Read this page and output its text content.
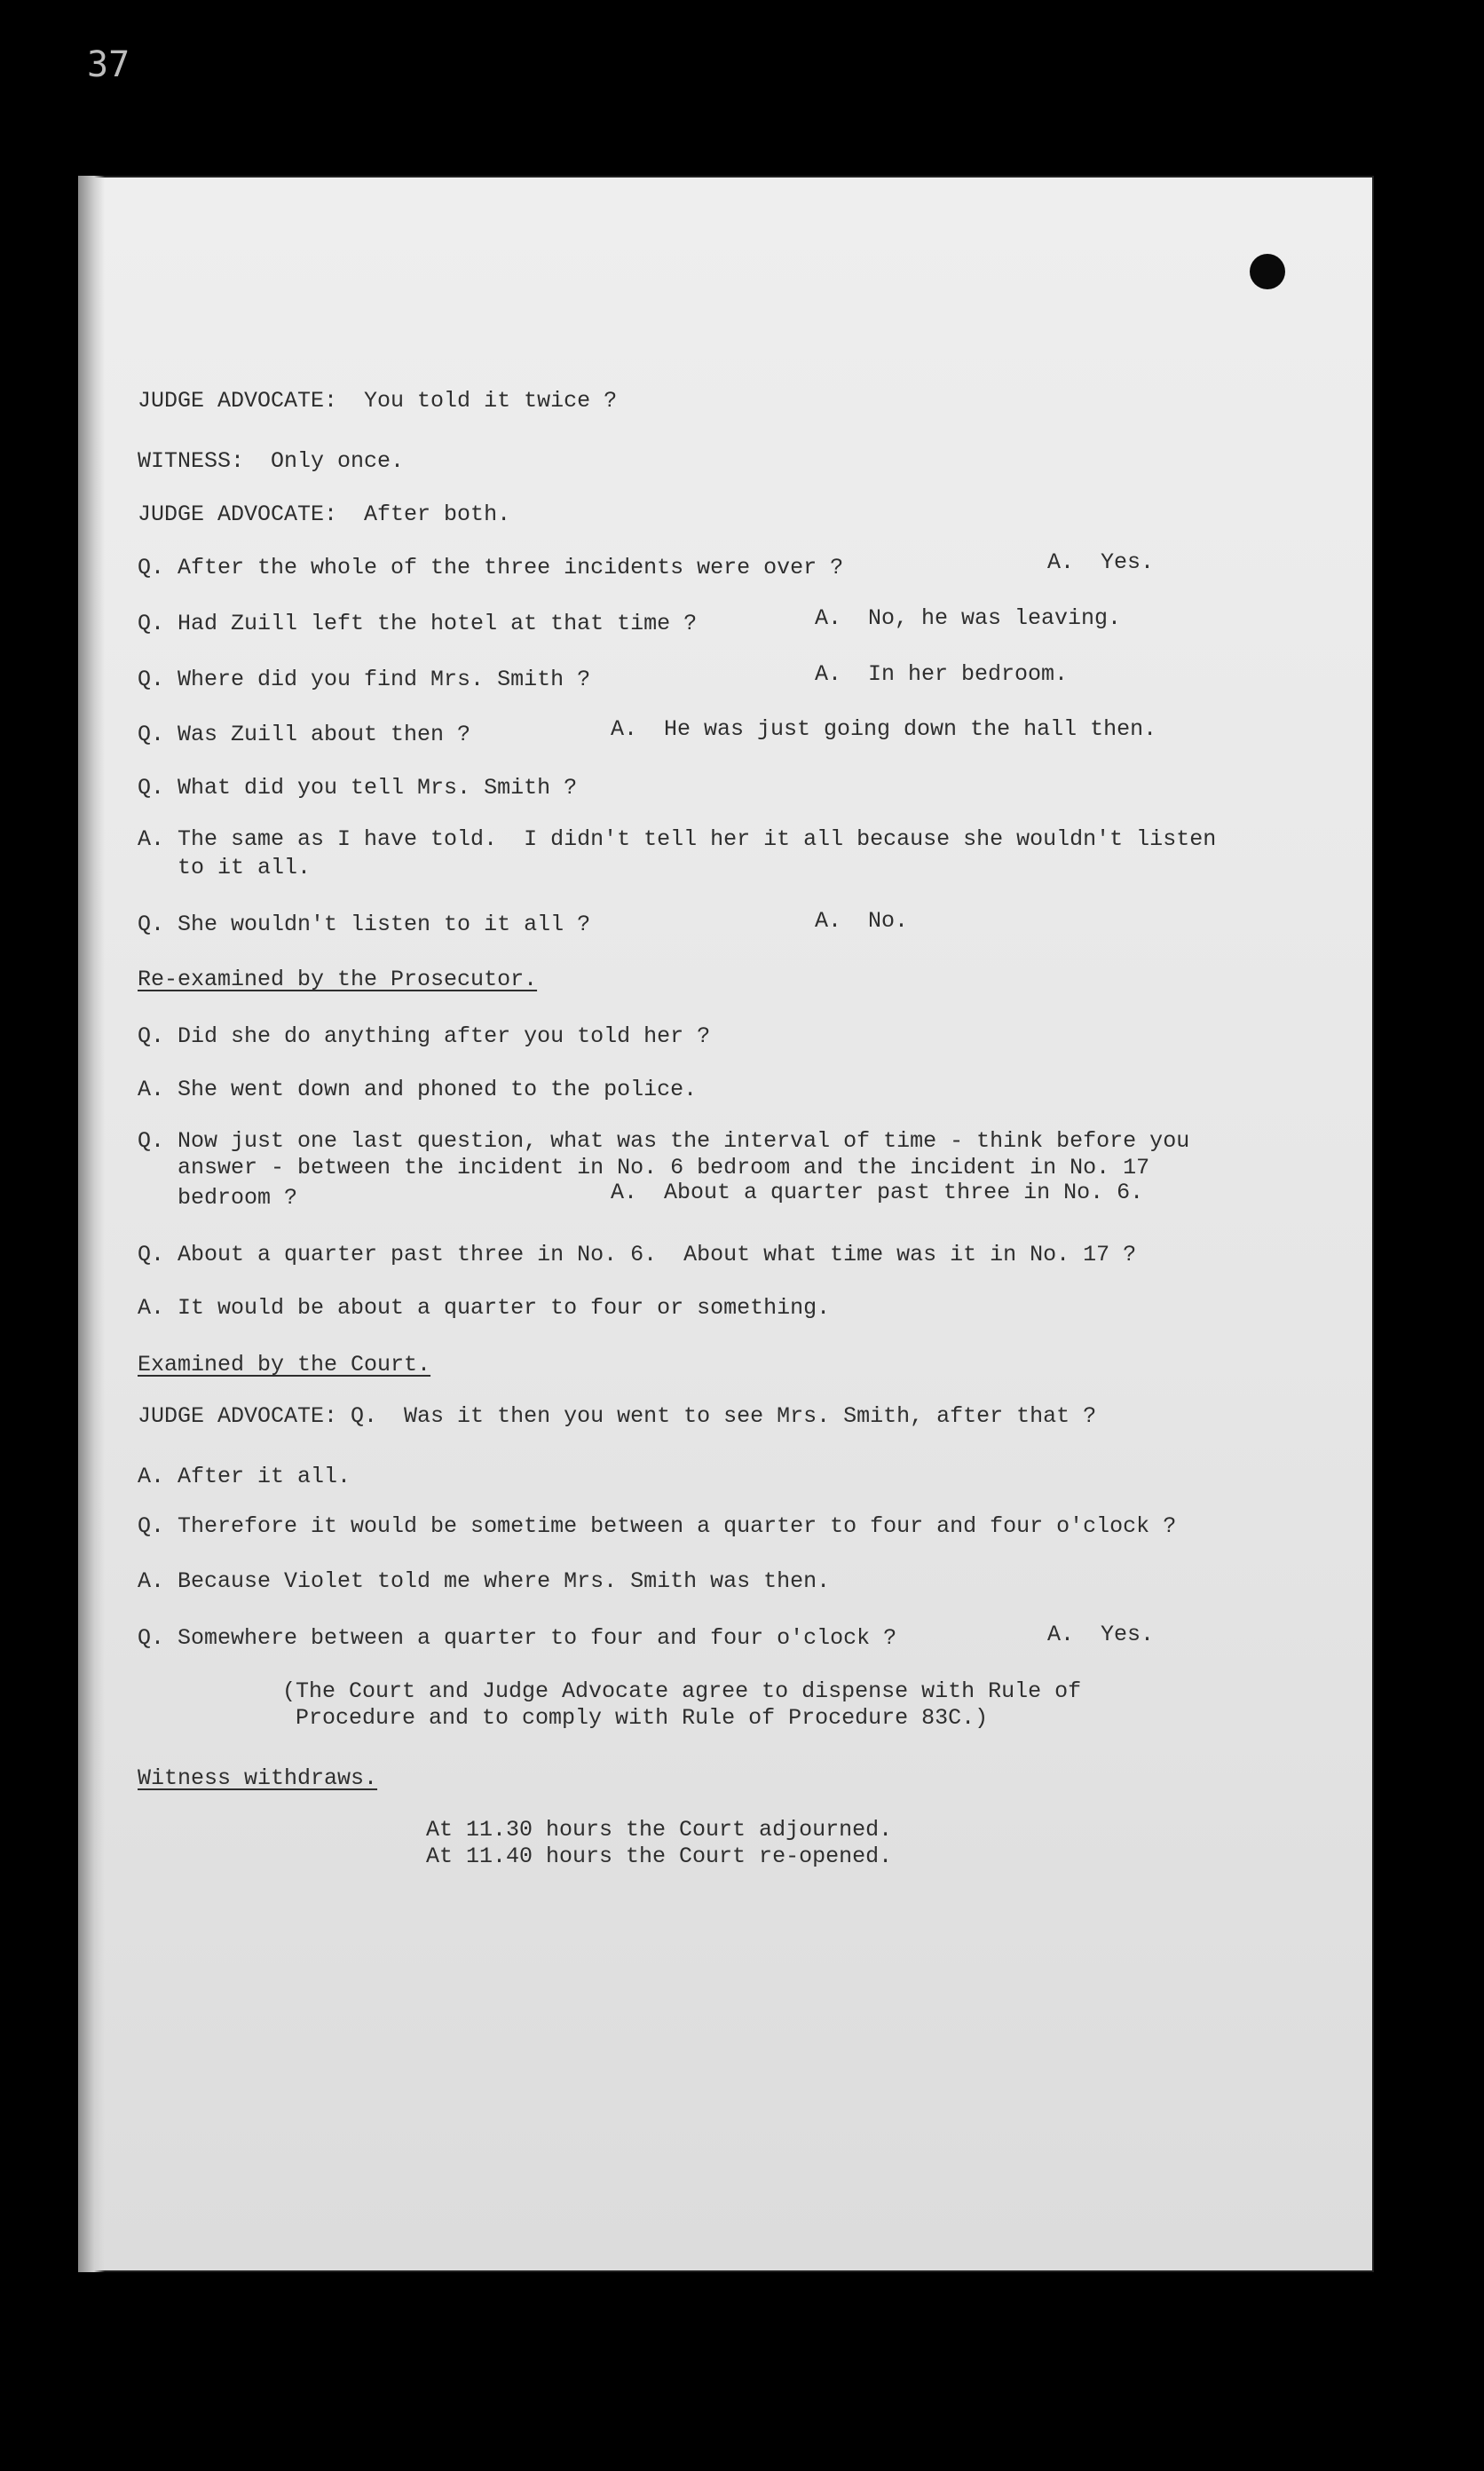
37

JUDGE ADVOCATE:  You told it twice ?

WITNESS:  Only once.

JUDGE ADVOCATE:  After both.

Q. After the whole of the three incidents were over ?	A.  Yes.

Q. Had Zuill left the hotel at that time ?	A.  No, he was leaving.

Q. Where did you find Mrs. Smith ?	A.  In her bedroom.

Q. Was Zuill about then ?	A.  He was just going down the hall then.

Q. What did you tell Mrs. Smith ?

A. The same as I have told.  I didn't tell her it all because she wouldn't listen

to it all.

Q. She wouldn't listen to it all ?	A.  No.

Re-examined by the Prosecutor.

Q. Did she do anything after you told her ?

A. She went down and phoned to the police.

Q. Now just one last question, what was the interval of time - think before you

answer - between the incident in No. 6 bedroom and the incident in No. 17

bedroom ?	A.  About a quarter past three in No. 6.

Q. About a quarter past three in No. 6.  About what time was it in No. 17 ?

A. It would be about a quarter to four or something.

Examined by the Court.

JUDGE ADVOCATE: Q.  Was it then you went to see Mrs. Smith, after that ?

A. After it all.

Q. Therefore it would be sometime between a quarter to four and four o'clock ?

A. Because Violet told me where Mrs. Smith was then.

Q. Somewhere between a quarter to four and four o'clock ?	A.  Yes.

(The Court and Judge Advocate agree to dispense with Rule of

Procedure and to comply with Rule of Procedure 83C.)

Witness withdraws.

At 11.30 hours the Court adjourned.

At 11.40 hours the Court re-opened.
